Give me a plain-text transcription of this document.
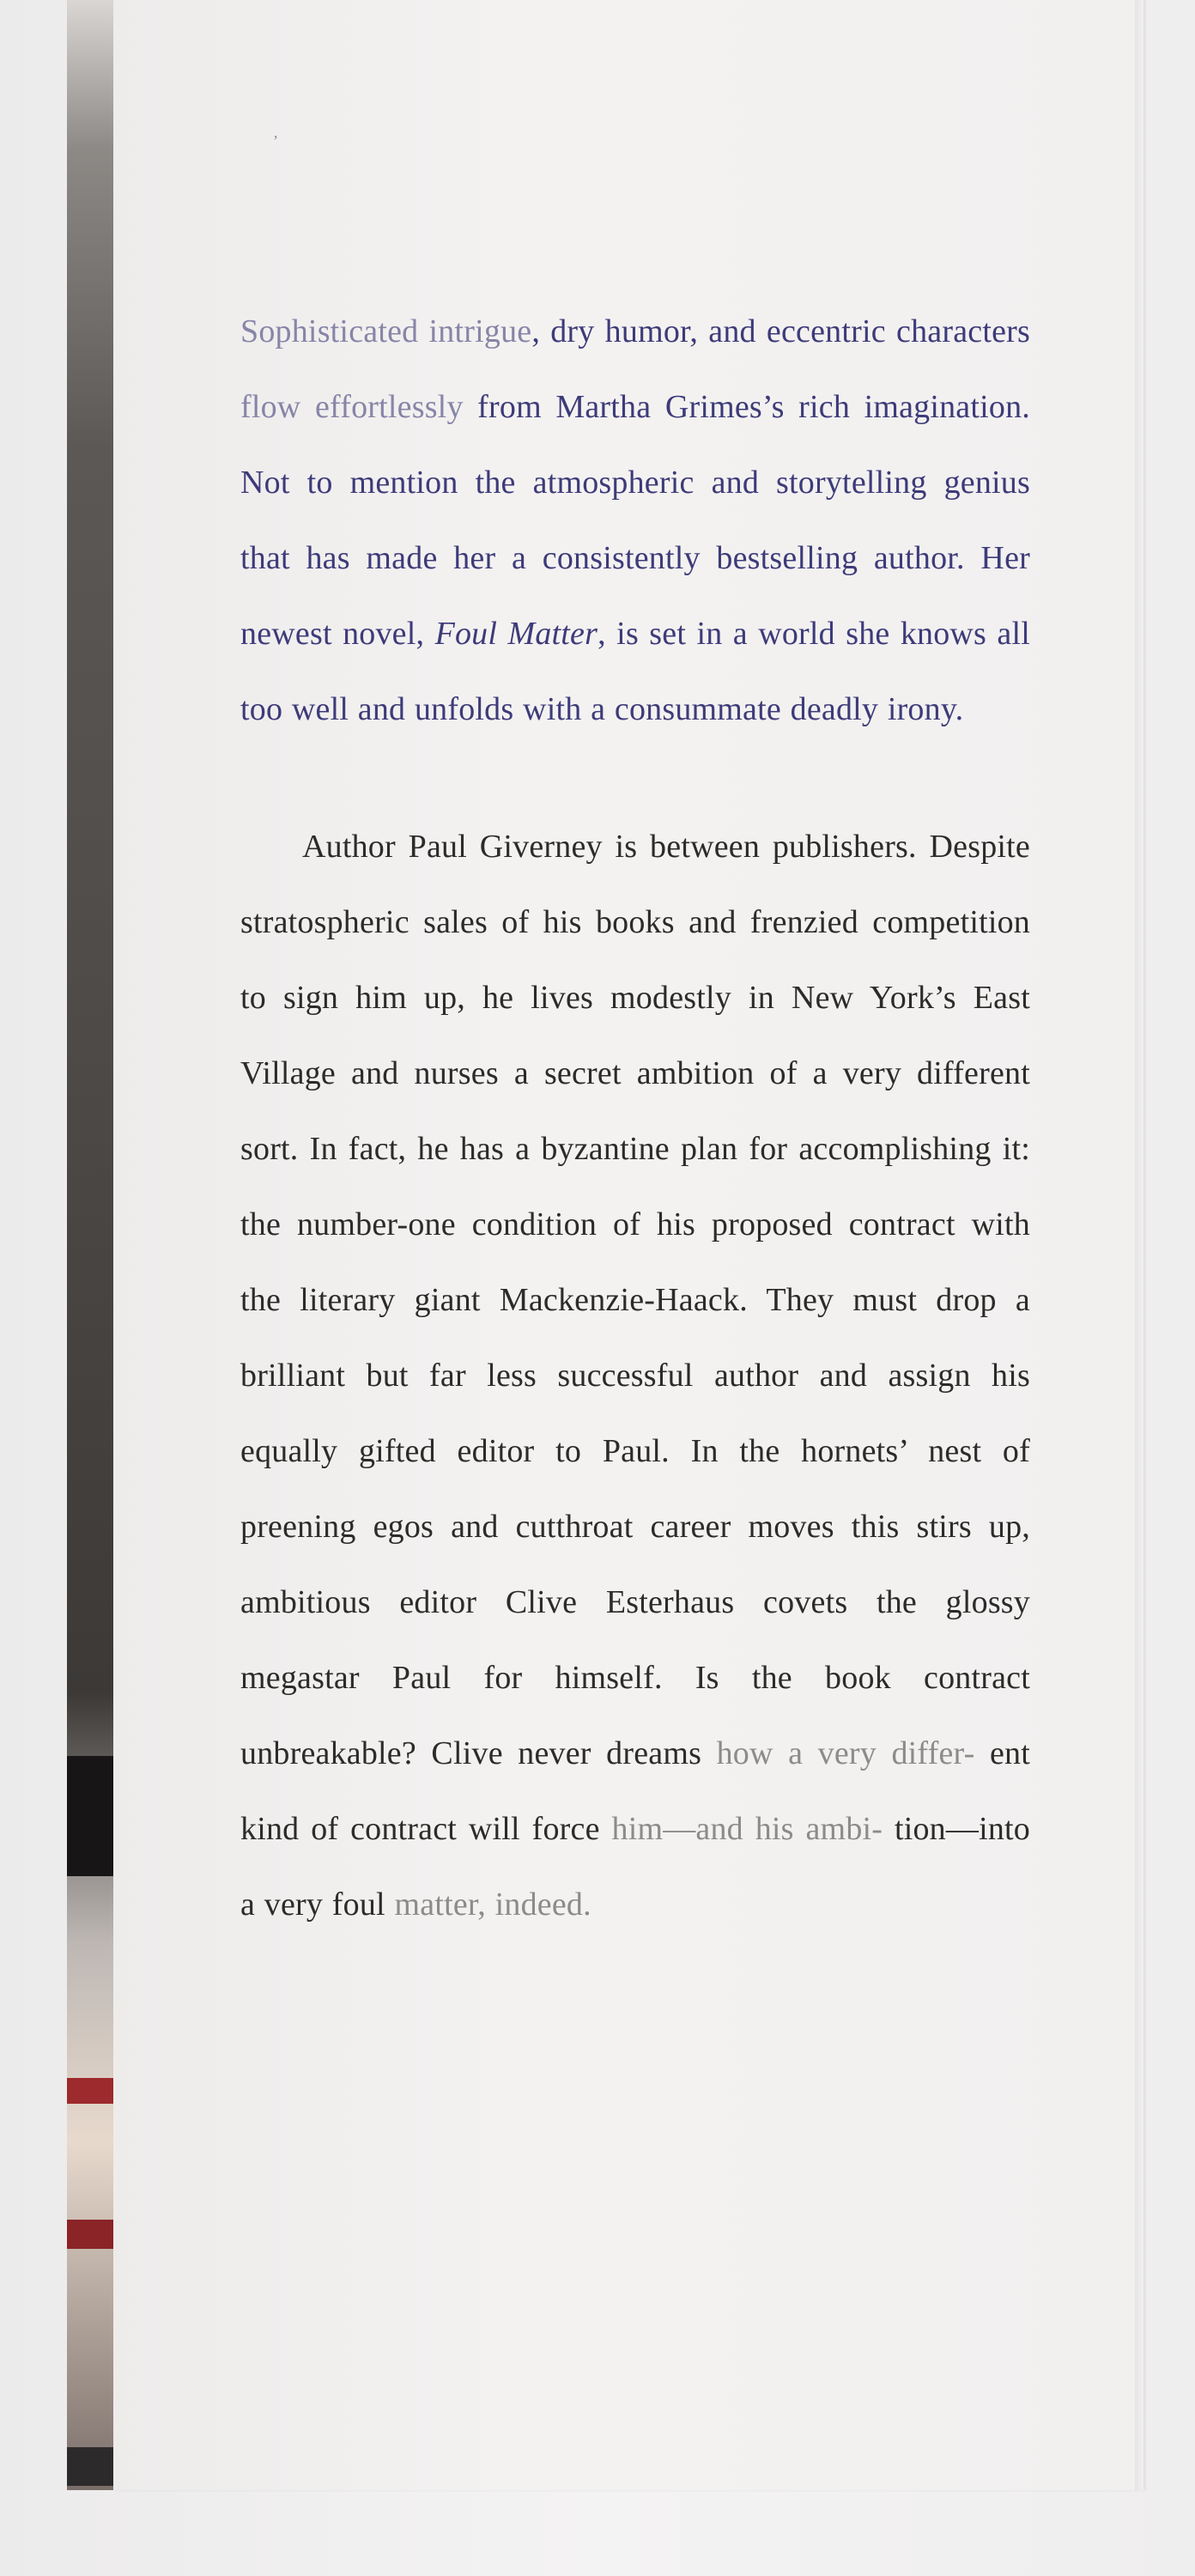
’

Sophisticated intrigue, dry humor, and eccentric characters flow effortlessly from Martha Grimes’s rich imagination. Not to mention the atmospheric and storytelling genius that has made her a consistently bestselling author. Her newest novel, Foul Matter, is set in a world she knows all too well and unfolds with a consummate deadly irony.

Author Paul Giverney is between publishers. Despite stratospheric sales of his books and frenzied competition to sign him up, he lives modestly in New York’s East Village and nurses a secret ambition of a very different sort. In fact, he has a byzantine plan for accomplishing it: the number-one condition of his proposed contract with the literary giant Mackenzie-Haack. They must drop a brilliant but far less successful author and assign his equally gifted editor to Paul. In the hornets’ nest of preening egos and cutthroat career moves this stirs up, ambitious editor Clive Esterhaus covets the glossy megastar Paul for himself. Is the book contract unbreakable? Clive never dreams how a very differ- ent kind of contract will force him—and his ambi- tion—into a very foul matter, indeed.
